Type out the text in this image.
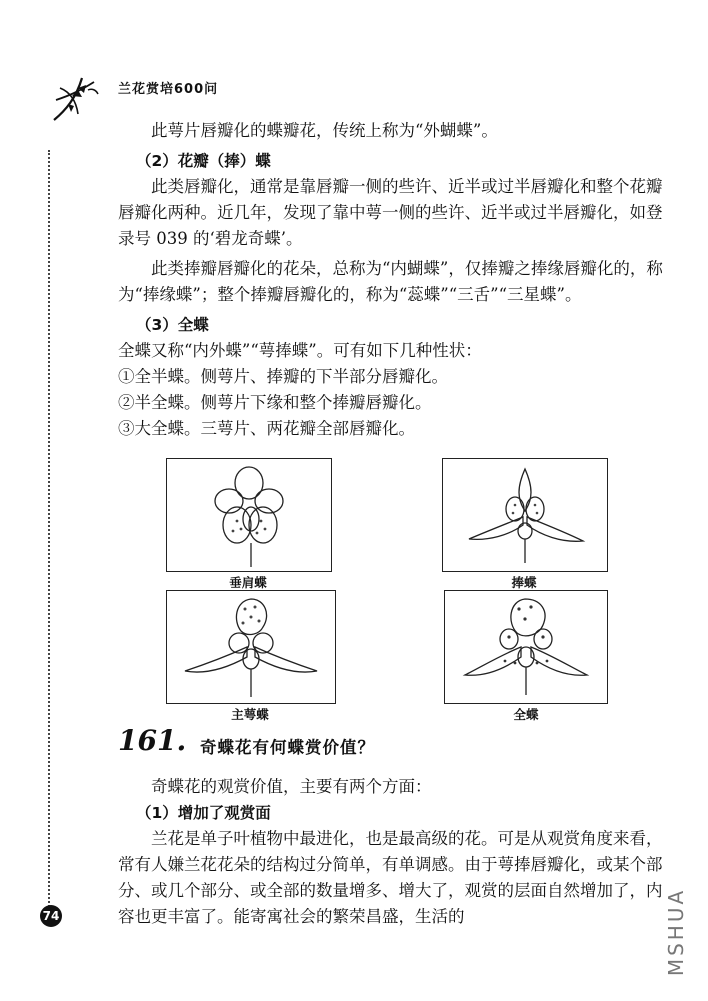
兰花赏培600问
此萼片唇瓣化的蝶瓣花，传统上称为“外蝴蝶”。
（2）花瓣（捧）蝶
此类唇瓣化，通常是靠唇瓣一侧的些许、近半或过半唇瓣化和整个花瓣唇瓣化两种。近几年，发现了靠中萼一侧的些许、近半或过半唇瓣化，如登录号 039 的‘碧龙奇蝶’。
此类捧瓣唇瓣化的花朵，总称为“内蝴蝶”，仅捧瓣之捧缘唇瓣化的，称为“捧缘蝶”；整个捧瓣唇瓣化的，称为“蕊蝶”“三舌”“三星蝶”。
（3）全蝶
全蝶又称“内外蝶”“萼捧蝶”。可有如下几种性状：
①全半蝶。侧萼片、捧瓣的下半部分唇瓣化。
②半全蝶。侧萼片下缘和整个捧瓣唇瓣化。
③大全蝶。三萼片、两花瓣全部唇瓣化。
垂肩蝶	捧蝶
主萼蝶	全蝶
161. 奇蝶花有何蝶赏价值？
奇蝶花的观赏价值，主要有两个方面：
（1）增加了观赏面
兰花是单子叶植物中最进化，也是最高级的花。可是从观赏角度来看，常有人嫌兰花花朵的结构过分简单，有单调感。由于萼捧唇瓣化，或某个部分、或几个部分、或全部的数量增多、增大了，观赏的层面自然增加了，内容也更丰富了。能寄寓社会的繁荣昌盛，生活的
74	MSHUA
